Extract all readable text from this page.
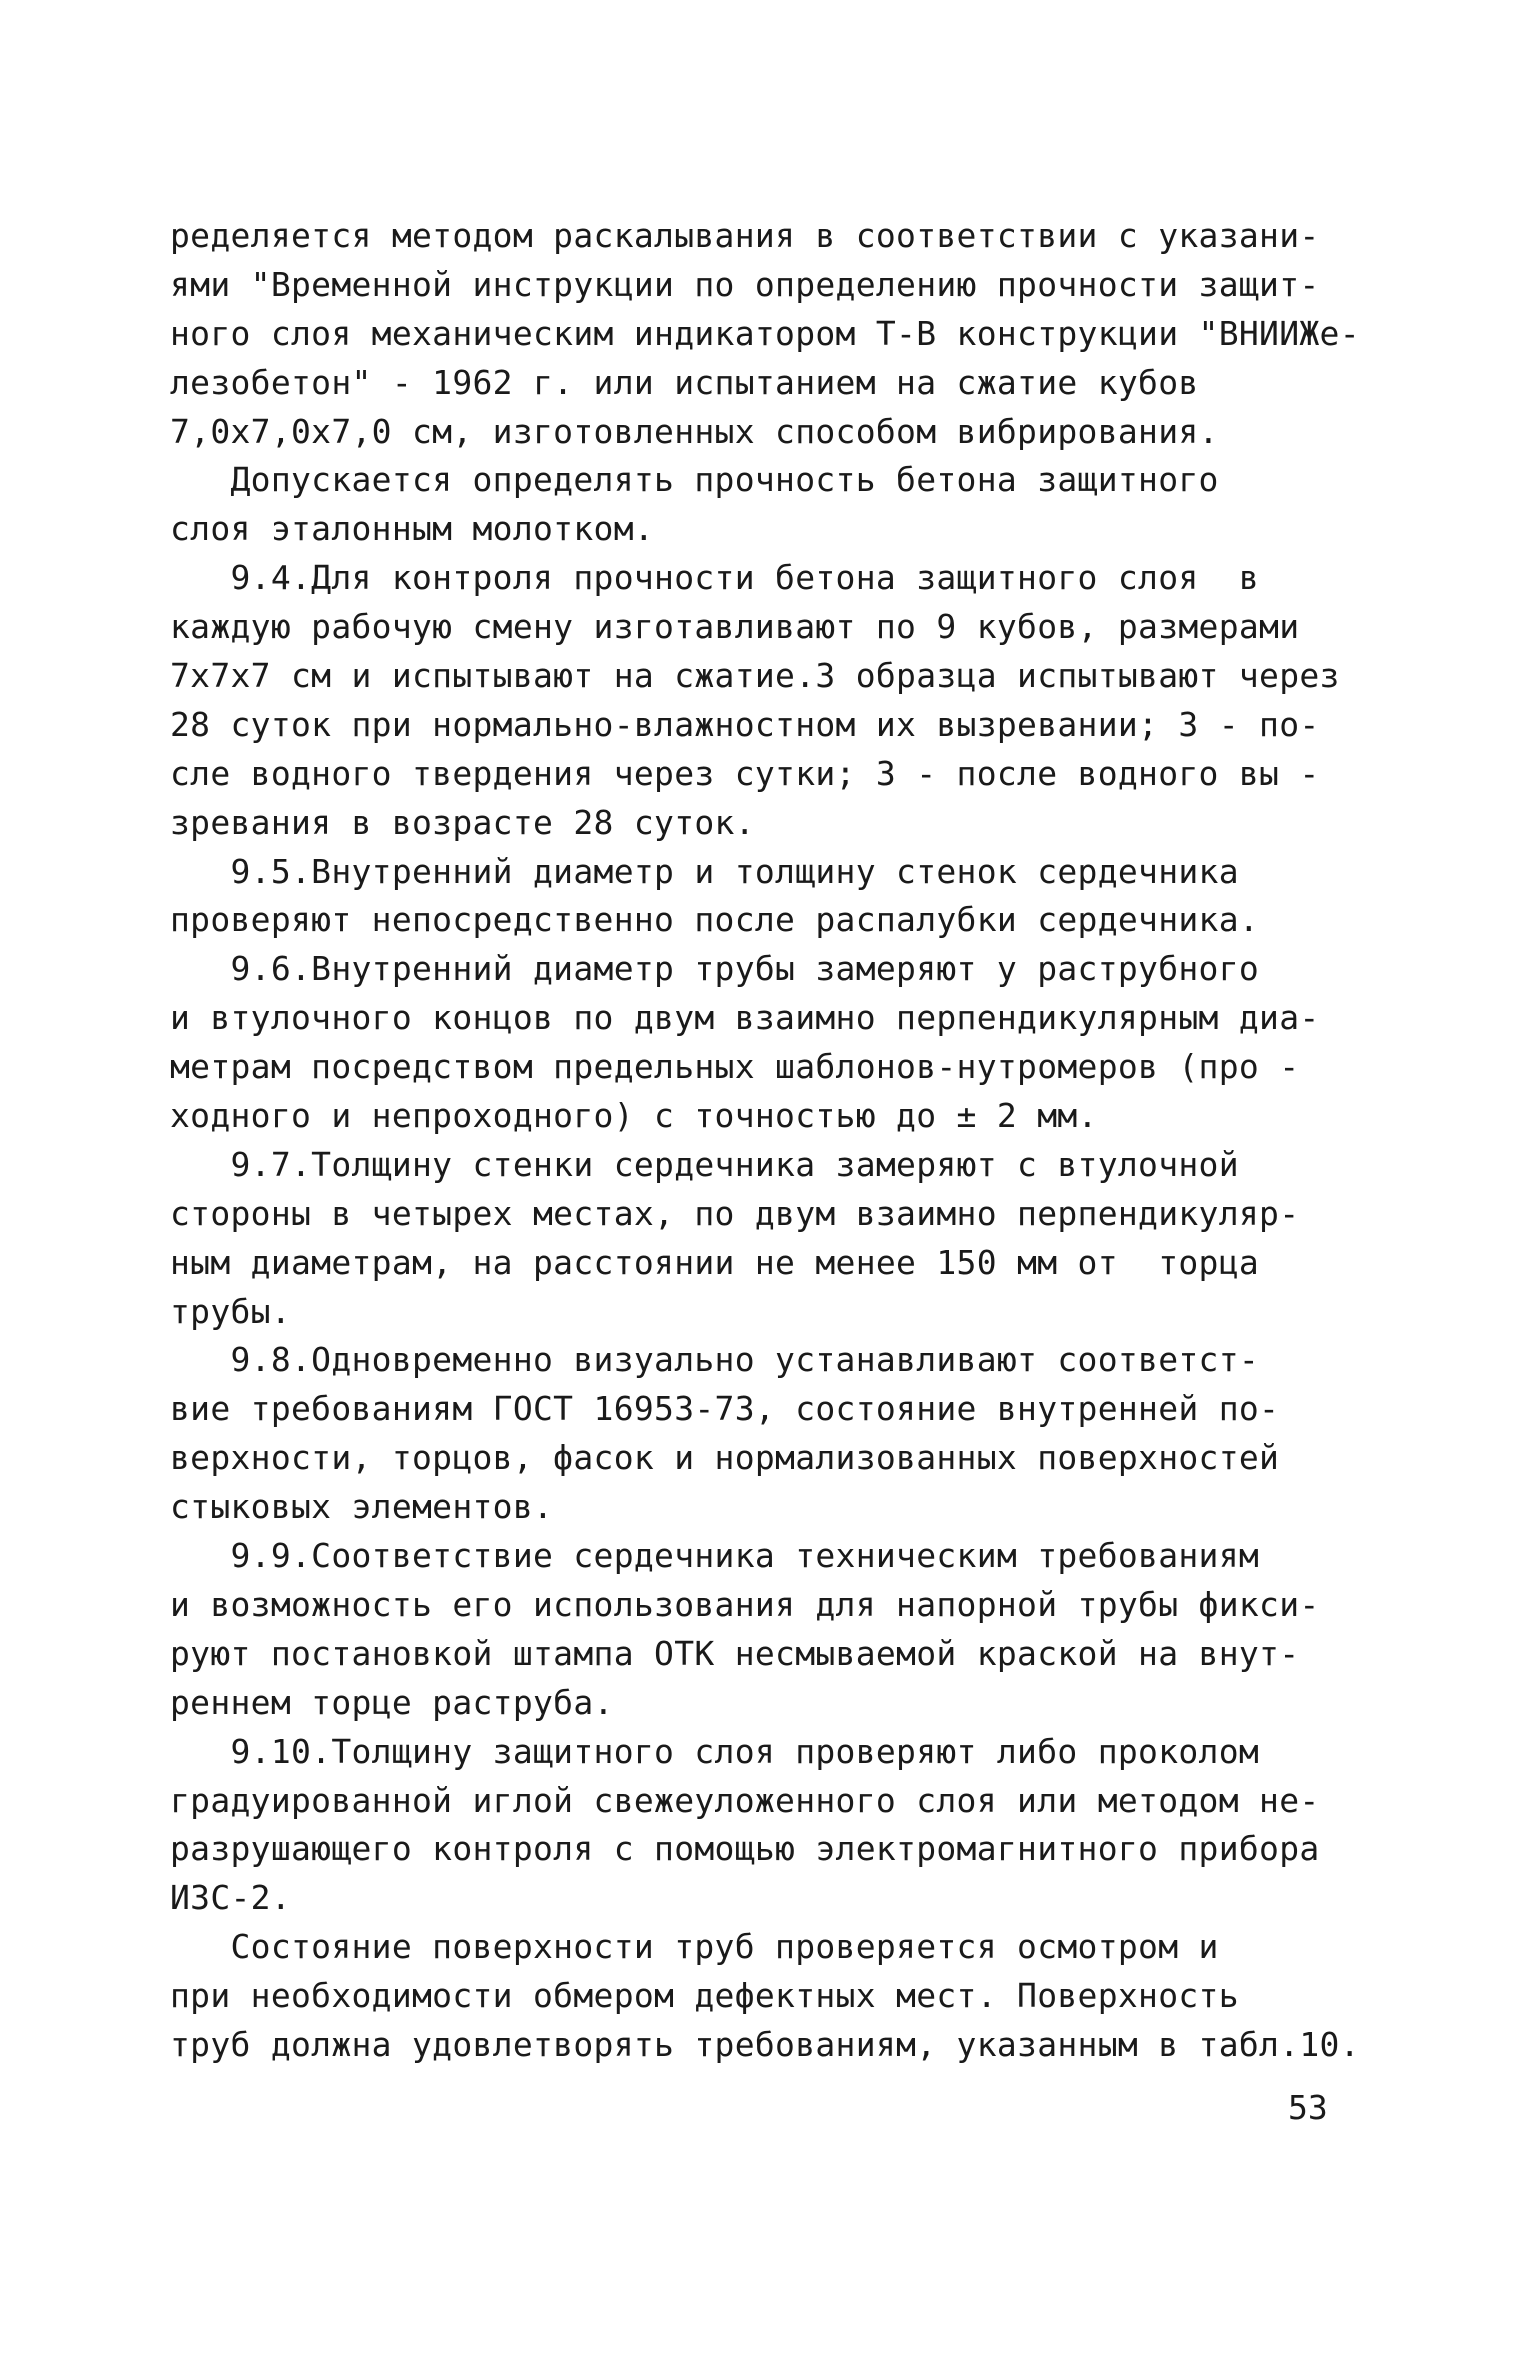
ределяется методом раскалывания в соответствии с указани-
ями "Временной инструкции по определению прочности защит-
ного слоя механическим индикатором Т-В конструкции "ВНИИЖе-
лезобетон" - 1962 г. или испытанием на сжатие кубов
7,0х7,0х7,0 см, изготовленных способом вибрирования.
Допускается определять прочность бетона защитного
слоя эталонным молотком.
9.4.Для контроля прочности бетона защитного слоя  в
каждую рабочую смену изготавливают по 9 кубов, размерами
7х7х7 см и испытывают на сжатие.3 образца испытывают через
28 суток при нормально-влажностном их вызревании; 3 - по-
сле водного твердения через сутки; 3 - после водного вы -
зревания в возрасте 28 суток.
9.5.Внутренний диаметр и толщину стенок сердечника
проверяют непосредственно после распалубки сердечника.
9.6.Внутренний диаметр трубы замеряют у раструбного
и втулочного концов по двум взаимно перпендикулярным диа-
метрам посредством предельных шаблонов-нутромеров (про -
ходного и непроходного) с точностью до ± 2 мм.
9.7.Толщину стенки сердечника замеряют с втулочной
стороны в четырех местах, по двум взаимно перпендикуляр-
ным диаметрам, на расстоянии не менее 150 мм от  торца
трубы.
9.8.Одновременно визуально устанавливают соответст-
вие требованиям ГОСТ 16953-73, состояние внутренней по-
верхности, торцов, фасок и нормализованных поверхностей
стыковых элементов.
9.9.Соответствие сердечника техническим требованиям
и возможность его использования для напорной трубы фикси-
руют постановкой штампа ОТК несмываемой краской на внут-
реннем торце раструба.
9.10.Толщину защитного слоя проверяют либо проколом
градуированной иглой свежеуложенного слоя или методом не-
разрушающего контроля с помощью электромагнитного прибора
ИЗС-2.
Состояние поверхности труб проверяется осмотром и
при необходимости обмером дефектных мест. Поверхность
труб должна удовлетворять требованиям, указанным в табл.10.
53
